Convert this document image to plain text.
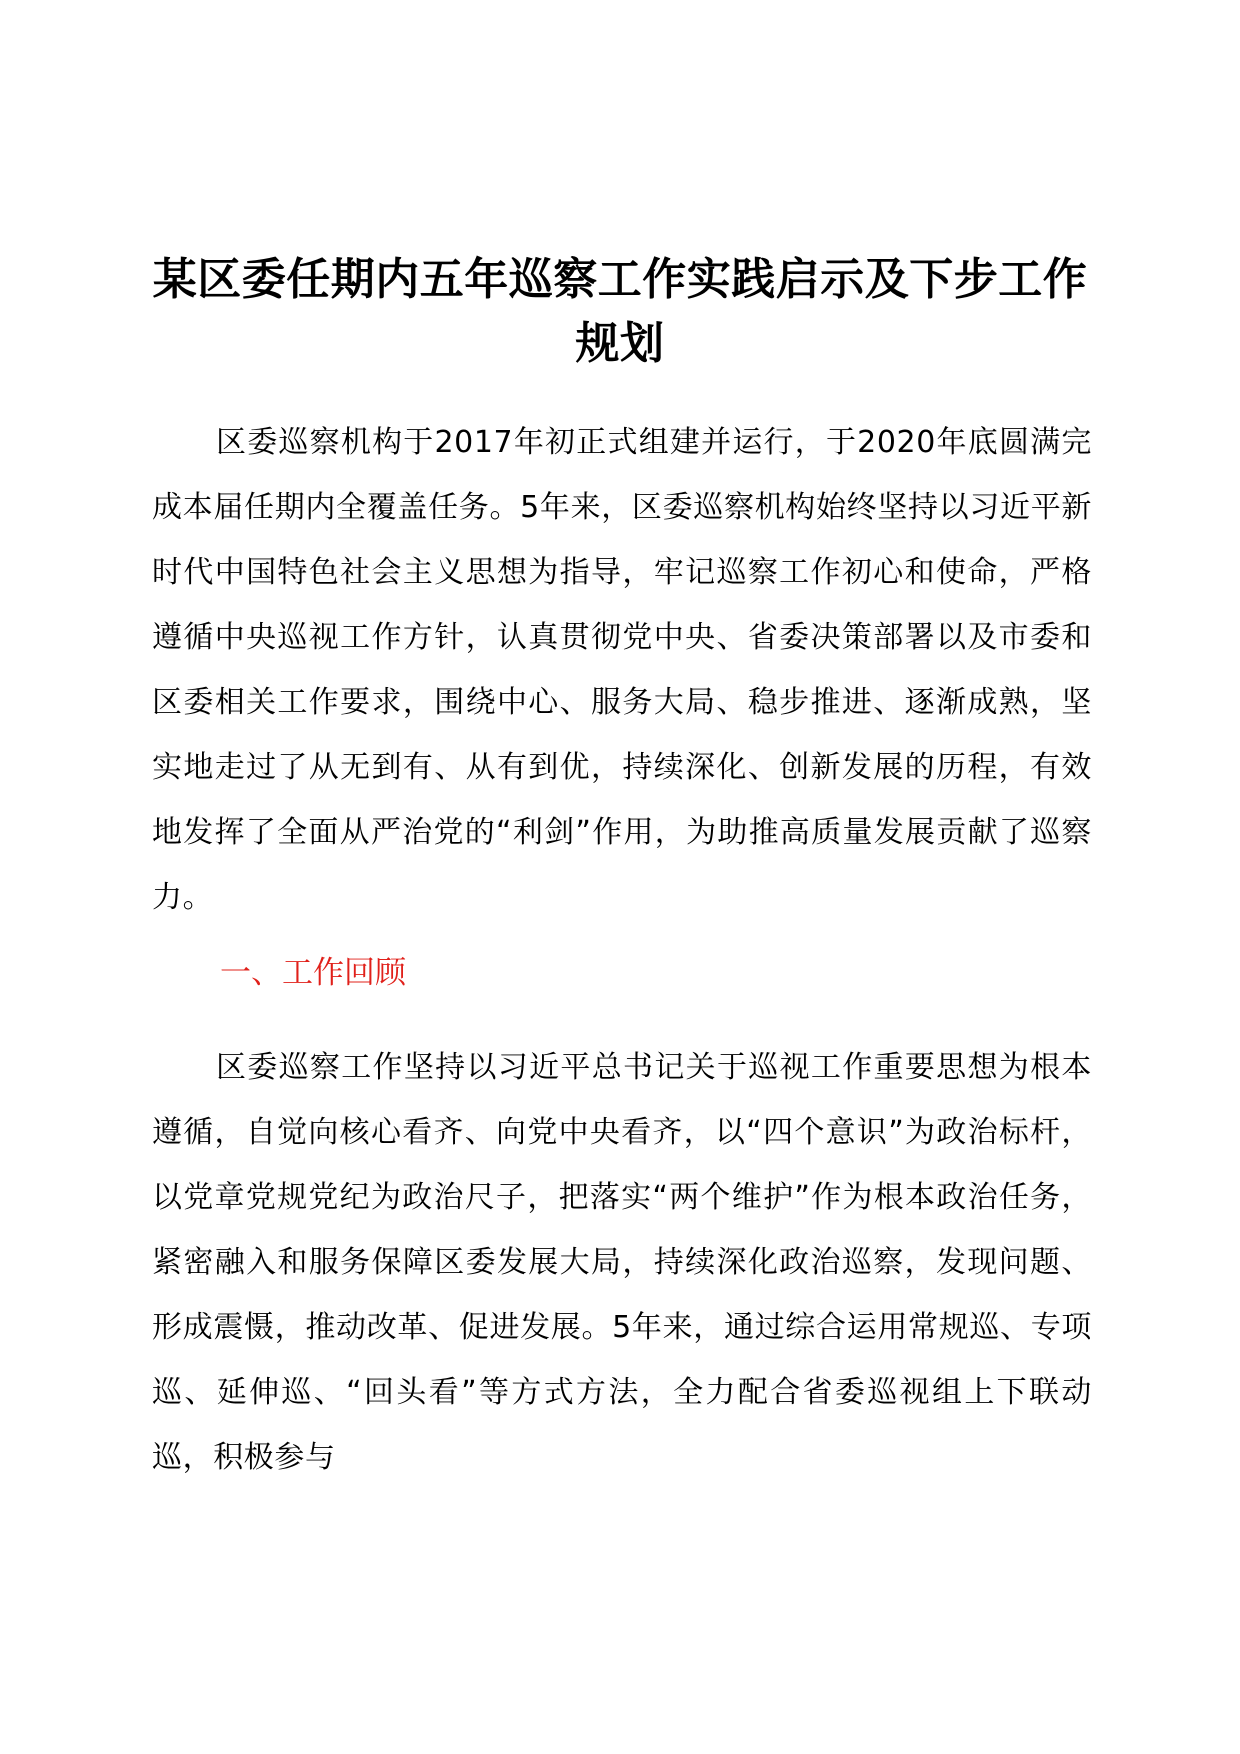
某区委任期内五年巡察工作实践启示及下步工作规划

区委巡察机构于2017年初正式组建并运行，于2020年底圆满完成本届任期内全覆盖任务。5年来，区委巡察机构始终坚持以习近平新时代中国特色社会主义思想为指导，牢记巡察工作初心和使命，严格遵循中央巡视工作方针，认真贯彻党中央、省委决策部署以及市委和区委相关工作要求，围绕中心、服务大局、稳步推进、逐渐成熟，坚实地走过了从无到有、从有到优，持续深化、创新发展的历程，有效地发挥了全面从严治党的“利剑”作用，为助推高质量发展贡献了巡察力。

一、工作回顾

区委巡察工作坚持以习近平总书记关于巡视工作重要思想为根本遵循，自觉向核心看齐、向党中央看齐，以“四个意识”为政治标杆，以党章党规党纪为政治尺子，把落实“两个维护”作为根本政治任务，紧密融入和服务保障区委发展大局，持续深化政治巡察，发现问题、形成震慑，推动改革、促进发展。5年来，通过综合运用常规巡、专项巡、延伸巡、“回头看”等方式方法，全力配合省委巡视组上下联动巡，积极参与
